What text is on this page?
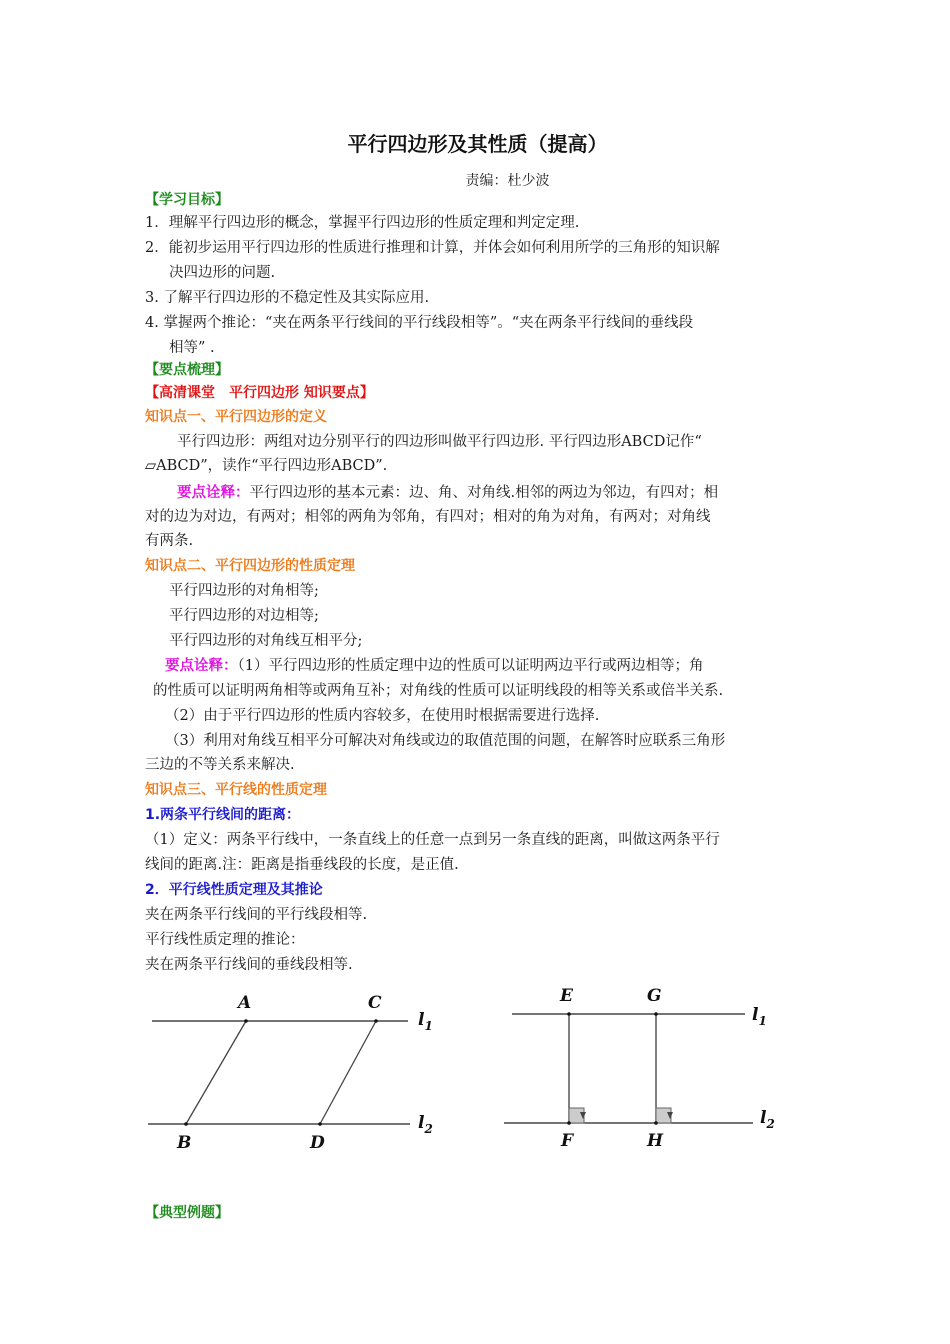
平行四边形及其性质（提高）
责编：杜少波
【学习目标】
1．理解平行四边形的概念，掌握平行四边形的性质定理和判定定理.
2．能初步运用平行四边形的性质进行推理和计算，并体会如何利用所学的三角形的知识解
决四边形的问题.
3. 了解平行四边形的不稳定性及其实际应用.
4. 掌握两个推论：“夹在两条平行线间的平行线段相等”。“夹在两条平行线间的垂线段
相等” .
【要点梳理】
【高清课堂　平行四边形 知识要点】
知识点一、平行四边形的定义
平行四边形：两组对边分别平行的四边形叫做平行四边形. 平行四边形ABCD记作“
▱ABCD”，读作“平行四边形ABCD”.
要点诠释：平行四边形的基本元素：边、角、对角线.相邻的两边为邻边，有四对；相
对的边为对边，有两对；相邻的两角为邻角，有四对；相对的角为对角，有两对；对角线
有两条.
知识点二、平行四边形的性质定理
平行四边形的对角相等;
平行四边形的对边相等;
平行四边形的对角线互相平分;
要点诠释：（1）平行四边形的性质定理中边的性质可以证明两边平行或两边相等；角
的性质可以证明两角相等或两角互补；对角线的性质可以证明线段的相等关系或倍半关系.
（2）由于平行四边形的性质内容较多，在使用时根据需要进行选择.
（3）利用对角线互相平分可解决对角线或边的取值范围的问题，在解答时应联系三角形
三边的不等关系来解决.
知识点三、平行线的性质定理
1.两条平行线间的距离：
（1）定义：两条平行线中，一条直线上的任意一点到另一条直线的距离，叫做这两条平行
线间的距离.注：距离是指垂线段的长度，是正值.
2．平行线性质定理及其推论
夹在两条平行线间的平行线段相等.
平行线性质定理的推论：
夹在两条平行线间的垂线段相等.
【典型例题】
A	C
B	D
$l_1$
$l_2$
E	G
F	H
$l_1$
$l_2$
